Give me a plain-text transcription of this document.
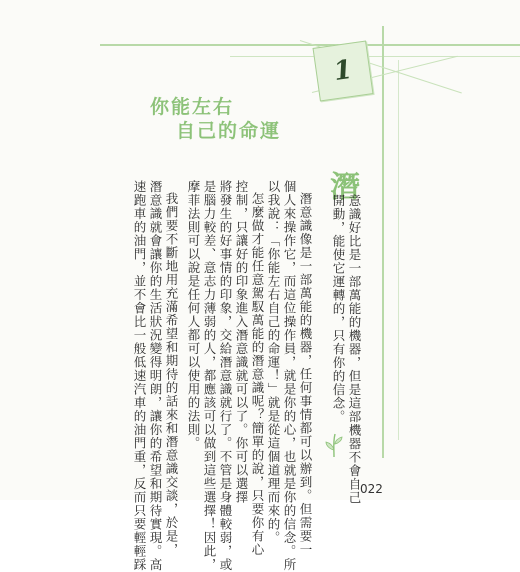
1
你能左右
自己的命運
潛
意識好比是一部萬能的機器，但是這部機器不會自己
開動，能使它運轉的，只有你的信念。
潛意識像是一部萬能的機器，任何事情都可以辦到。但需要一
個人來操作它，而這位操作員，就是你的心，也就是你的信念。所
以我說：「你能左右自己的命運！」就是從這個道理而來的。
怎麼做才能任意駕馭萬能的潛意識呢？簡單的說，只要你有心
控制，只讓好的印象進入潛意識就可以了。你可以選擇
將發生的好事情的印象，交給潛意識就行了。不管是身體較弱，或
是腦力較差、意志力薄弱的人，都應該可以做到這些選擇！因此，
摩菲法則可以說是任何人都可以使用的法則。
我們要不斷地用充滿希望和期待的話來和潛意識交談，於是，
潛意識就會讓你的生活狀況變得明朗，讓你的希望和期待實現。高
速跑車的油門，並不會比一般低速汽車的油門重，反而只要輕輕踩	022
